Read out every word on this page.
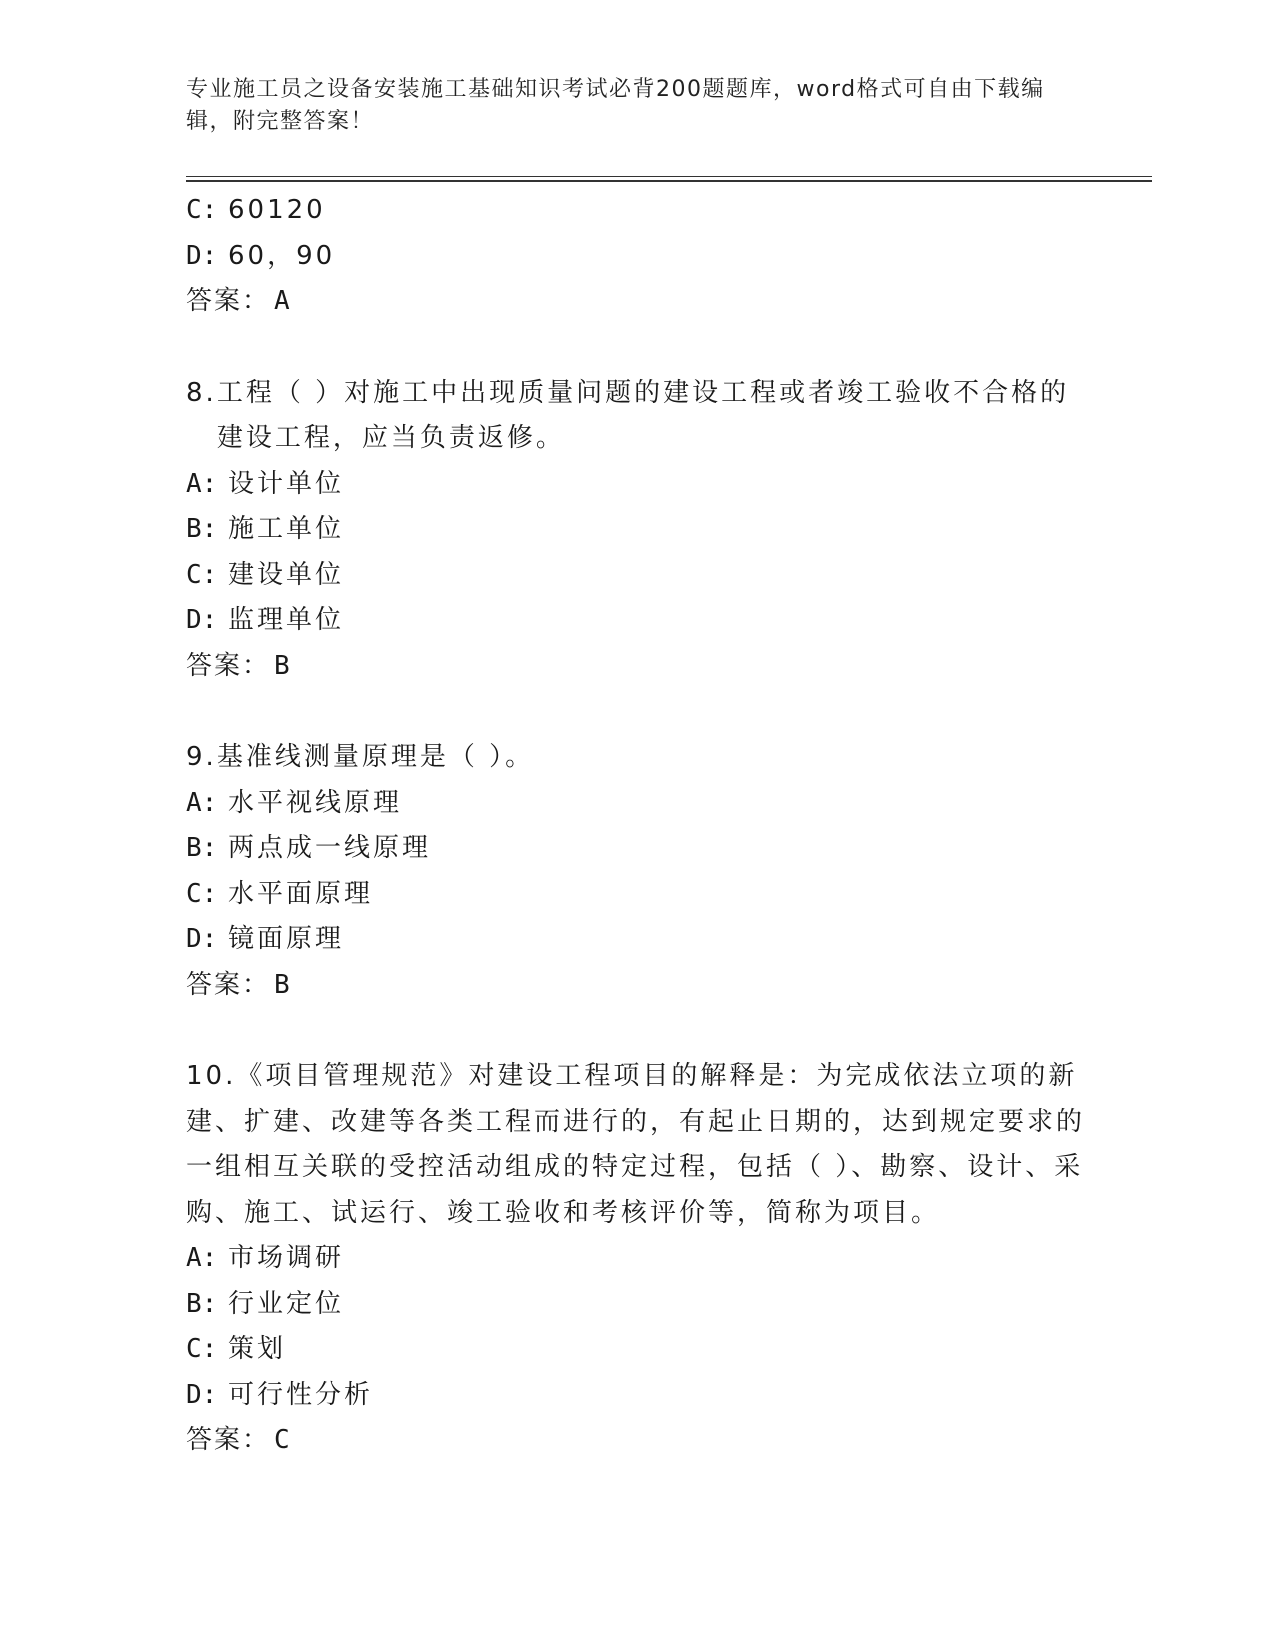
专业施工员之设备安装施工基础知识考试必背200题题库，word格式可自由下载编辑，附完整答案！
C: 60120
D: 60，90
答案： A
8. 工程（ ）对施工中出现质量问题的建设工程或者竣工验收不合格的建设工程，应当负责返修。
A: 设计单位
B: 施工单位
C: 建设单位
D: 监理单位
答案： B
9. 基准线测量原理是（ ）。
A: 水平视线原理
B: 两点成一线原理
C: 水平面原理
D: 镜面原理
答案： B
10.《项目管理规范》对建设工程项目的解释是：为完成依法立项的新建、扩建、改建等各类工程而进行的，有起止日期的，达到规定要求的一组相互关联的受控活动组成的特定过程，包括（ ）、勘察、设计、采购、施工、试运行、竣工验收和考核评价等，简称为项目。
A: 市场调研
B: 行业定位
C: 策划
D: 可行性分析
答案： C
